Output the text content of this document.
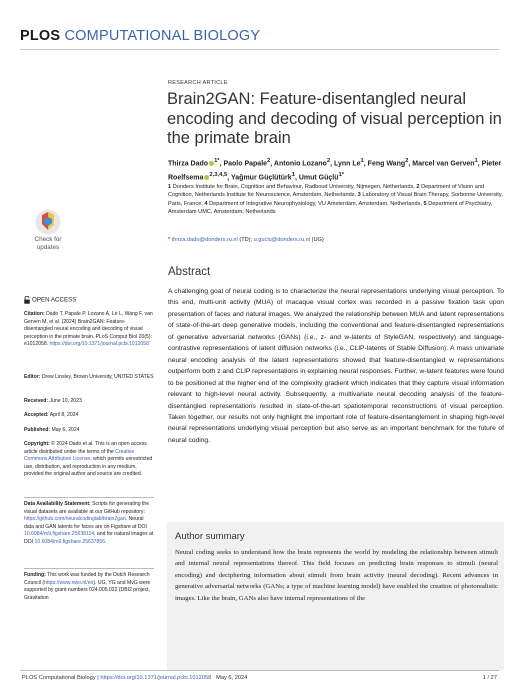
PLOS COMPUTATIONAL BIOLOGY
Check for
updates
OPEN ACCESS
Citation: Dado T, Papale P, Lozano A, Le L, Wang F, van Gerven M, et al. (2024) Brain2GAN: Feature-disentangled neural encoding and decoding of visual perception in the primate brain. PLoS Comput Biol 20(5): e1012058. https://doi.org/10.1371/journal.pcbi.1012058
Editor: Drew Linsley, Brown University, UNITED STATES
Received: June 10, 2023
Accepted: April 8, 2024
Published: May 6, 2024
Copyright: © 2024 Dado et al. This is an open access article distributed under the terms of the Creative Commons Attribution License, which permits unrestricted use, distribution, and reproduction in any medium, provided the original author and source are credited.
Data Availability Statement: Scripts for generating the visual datasets are available at our GitHub repository: https://github.com/neuralcodinglab/brain2gan. Neural data and GAN latents for faces are on Figshare at DOI 10.6084/m9.figshare.25638114, and for natural images at DOI 10.6084/m9.figshare.25637856.
Funding: This work was funded by the Dutch Research Council (https://www.nwo.nl/en). UG, YG and MvG were supported by grant numbers 024.005.022 (DBI2 project, Gravitation
RESEARCH ARTICLE
Brain2GAN: Feature-disentangled neural encoding and decoding of visual perception in the primate brain
Thirza Dado $^{1*}$, Paolo Papale$^2$, Antonio Lozano$^2$, Lynn Le$^1$, Feng Wang$^2$, Marcel van Gerven$^1$, Pieter Roelfsema $^{2,3,4,5}$, Yağmur Güçlütürk$^1$, Umut Güçlü$^{1*}$
1 Donders Institute for Brain, Cognition and Behaviour, Radboud University, Nijmegen, Netherlands, 2 Department of Vision and Cognition, Netherlands Institute for Neuroscience, Amsterdam, Netherlands, 3 Laboratory of Visual Brain Therapy, Sorbonne University, Paris, France, 4 Department of Integrative Neurophysiology, VU Amsterdam, Amsterdam, Netherlands, 5 Department of Psychiatry, Amsterdam UMC, Amsterdam, Netherlands
* thirza.dado@donders.ru.nl (TD); u.guclu@donders.ru.nl (UG)
Abstract
A challenging goal of neural coding is to characterize the neural representations underlying visual perception. To this end, multi-unit activity (MUA) of macaque visual cortex was recorded in a passive fixation task upon presentation of faces and natural images. We analyzed the relationship between MUA and latent representations of state-of-the-art deep generative models, including the conventional and feature-disentangled representations of generative adversarial networks (GANs) (i.e., z- and w-latents of StyleGAN, respectively) and language-contrastive representations of latent diffusion networks (i.e., CLIP-latents of Stable Diffusion). A mass univariate neural encoding analysis of the latent representations showed that feature-disentangled w representations outperform both z and CLIP representations in explaining neural responses. Further, w-latent features were found to be positioned at the higher end of the complexity gradient which indicates that they capture visual information relevant to high-level neural activity. Subsequently, a multivariate neural decoding analysis of the feature-disentangled representations resulted in state-of-the-art spatiotemporal reconstructions of visual perception. Taken together, our results not only highlight the important role of feature-disentanglement in shaping high-level neural representations underlying visual perception but also serve as an important benchmark for the future of neural coding.
Author summary
Neural coding seeks to understand how the brain represents the world by modeling the relationship between stimuli and internal neural representations thereof. This field focuses on predicting brain responses to stimuli (neural encoding) and deciphering information about stimuli from brain activity (neural decoding). Recent advances in generative adversarial networks (GANs; a type of machine learning model) have enabled the creation of photorealistic images. Like the brain, GANs also have internal representations of the
PLOS Computational Biology | https://doi.org/10.1371/journal.pcbi.1012058 May 6, 2024	1 / 27
